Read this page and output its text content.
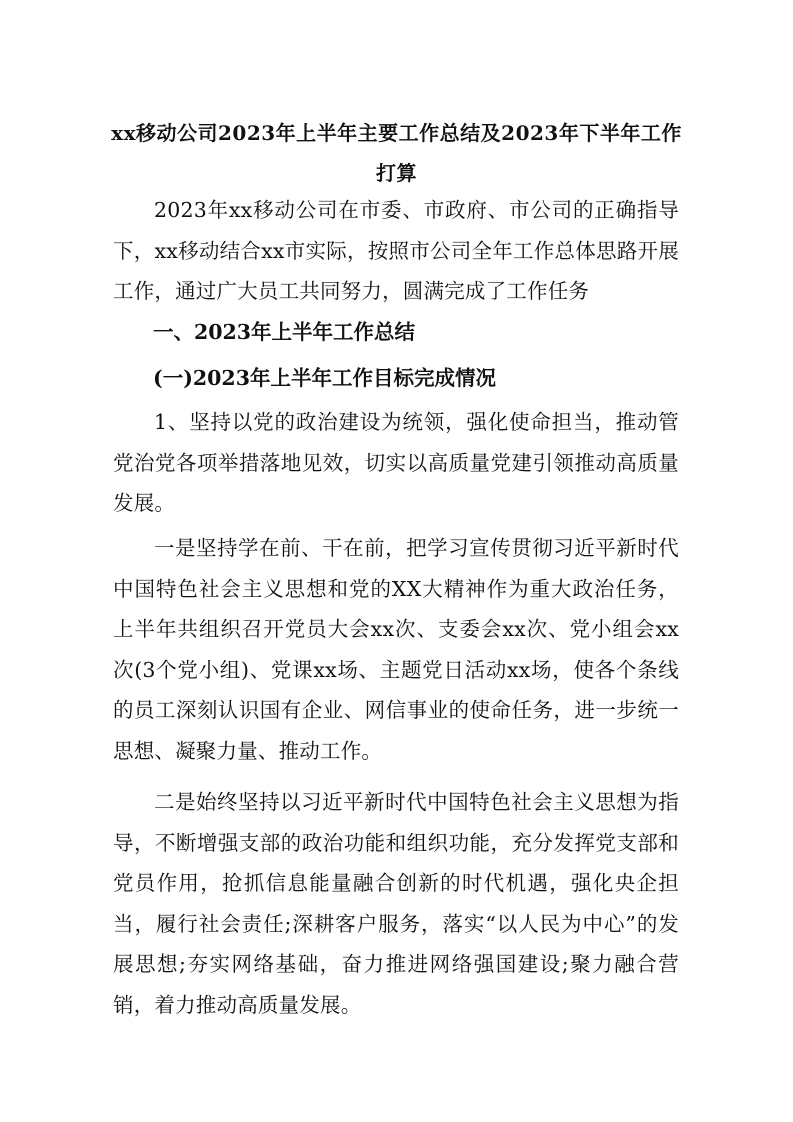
xx移动公司2023年上半年主要工作总结及2023年下半年工作打算

2023年xx移动公司在市委、市政府、市公司的正确指导下，xx移动结合xx市实际，按照市公司全年工作总体思路开展工作，通过广大员工共同努力，圆满完成了工作任务

一、2023年上半年工作总结

(一)2023年上半年工作目标完成情况

1、坚持以党的政治建设为统领，强化使命担当，推动管党治党各项举措落地见效，切实以高质量党建引领推动高质量发展。

一是坚持学在前、干在前，把学习宣传贯彻习近平新时代中国特色社会主义思想和党的XX大精神作为重大政治任务，上半年共组织召开党员大会xx次、支委会xx次、党小组会xx次(3个党小组)、党课xx场、主题党日活动xx场，使各个条线的员工深刻认识国有企业、网信事业的使命任务，进一步统一思想、凝聚力量、推动工作。

二是始终坚持以习近平新时代中国特色社会主义思想为指导，不断增强支部的政治功能和组织功能，充分发挥党支部和党员作用，抢抓信息能量融合创新的时代机遇，强化央企担当，履行社会责任;深耕客户服务，落实“以人民为中心”的发展思想;夯实网络基础，奋力推进网络强国建设;聚力融合营销，着力推动高质量发展。
